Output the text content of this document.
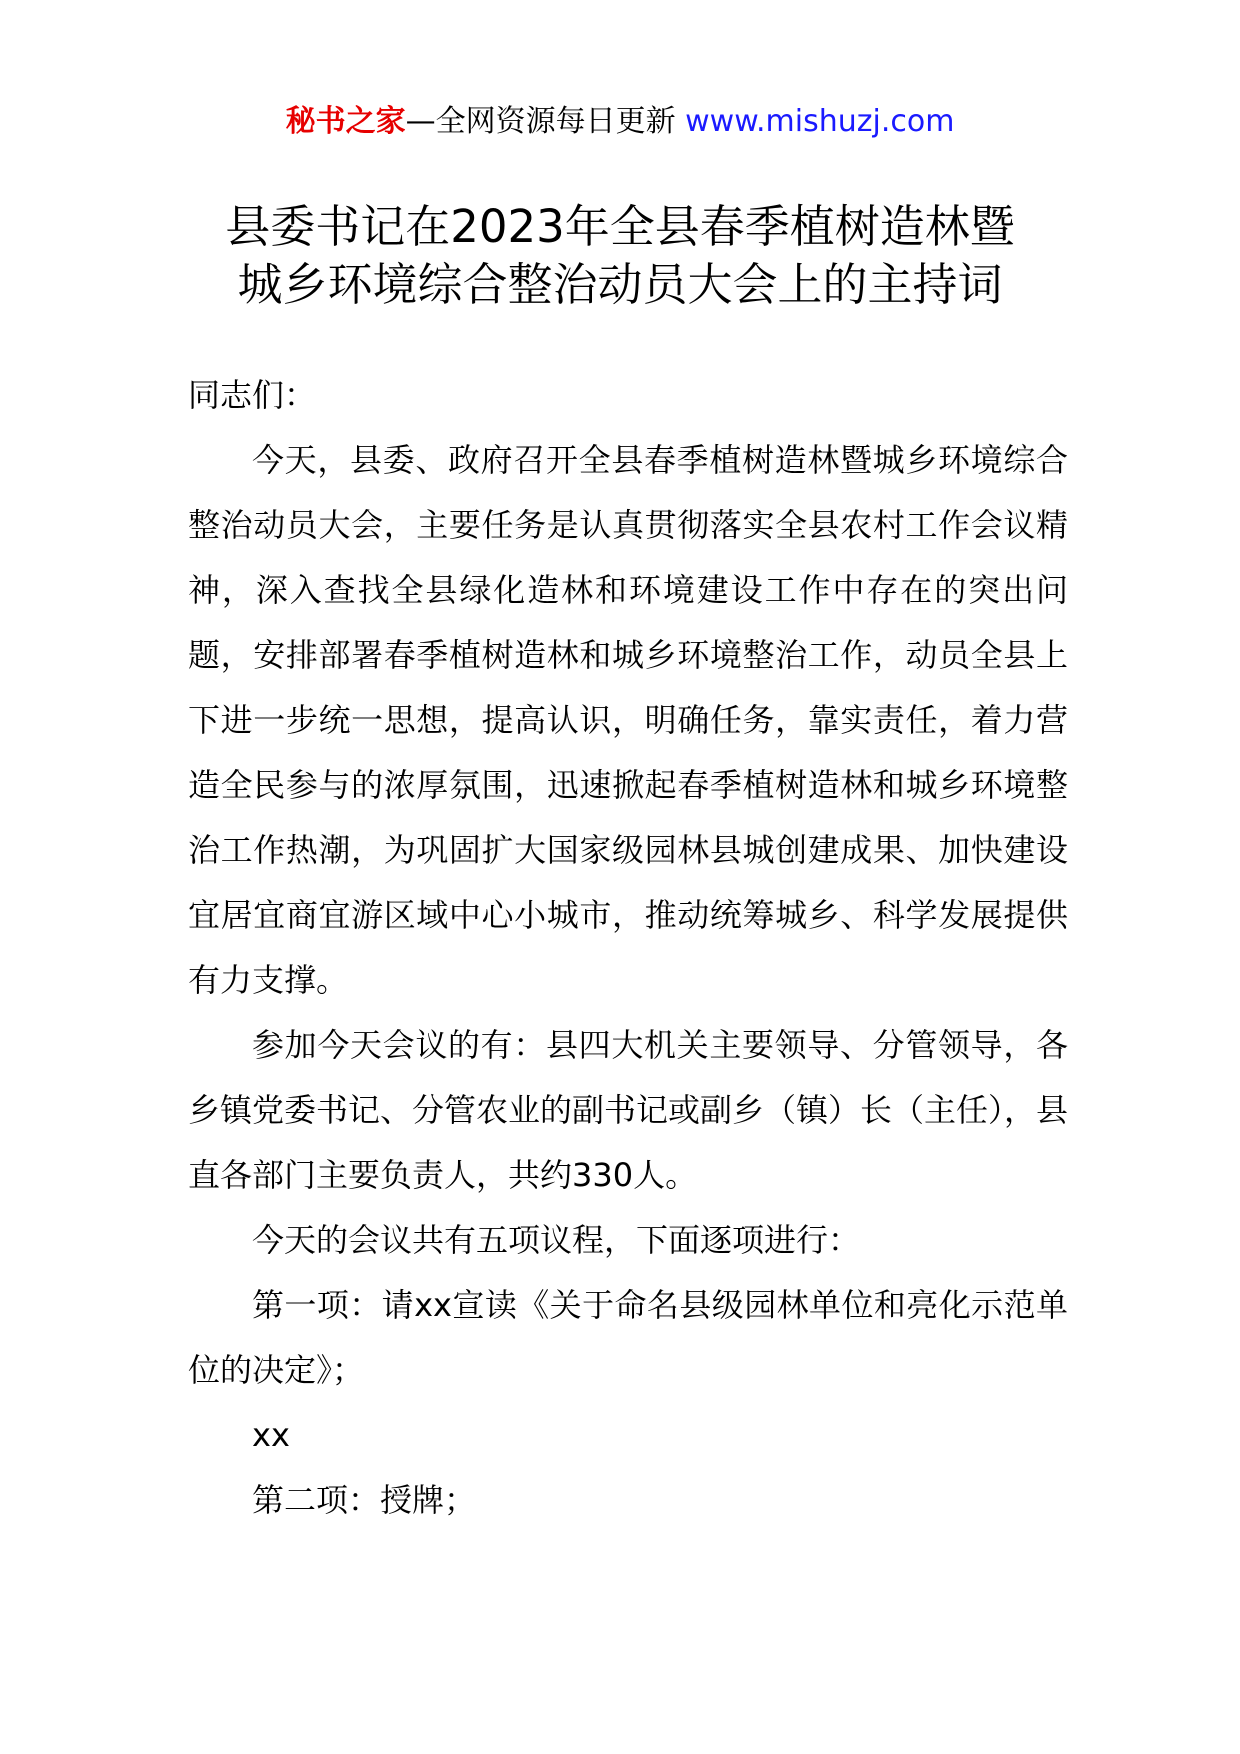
秘书之家—全网资源每日更新 www.mishuzj.com
县委书记在2023年全县春季植树造林暨
城乡环境综合整治动员大会上的主持词

同志们：

今天，县委、政府召开全县春季植树造林暨城乡环境综合整治动员大会，主要任务是认真贯彻落实全县农村工作会议精神，深入查找全县绿化造林和环境建设工作中存在的突出问题，安排部署春季植树造林和城乡环境整治工作，动员全县上下进一步统一思想，提高认识，明确任务，靠实责任，着力营造全民参与的浓厚氛围，迅速掀起春季植树造林和城乡环境整治工作热潮，为巩固扩大国家级园林县城创建成果、加快建设宜居宜商宜游区域中心小城市，推动统筹城乡、科学发展提供有力支撑。

参加今天会议的有：县四大机关主要领导、分管领导，各乡镇党委书记、分管农业的副书记或副乡（镇）长（主任），县直各部门主要负责人，共约330人。

今天的会议共有五项议程，下面逐项进行：

第一项：请xx宣读《关于命名县级园林单位和亮化示范单位的决定》；

xx

第二项：授牌；
